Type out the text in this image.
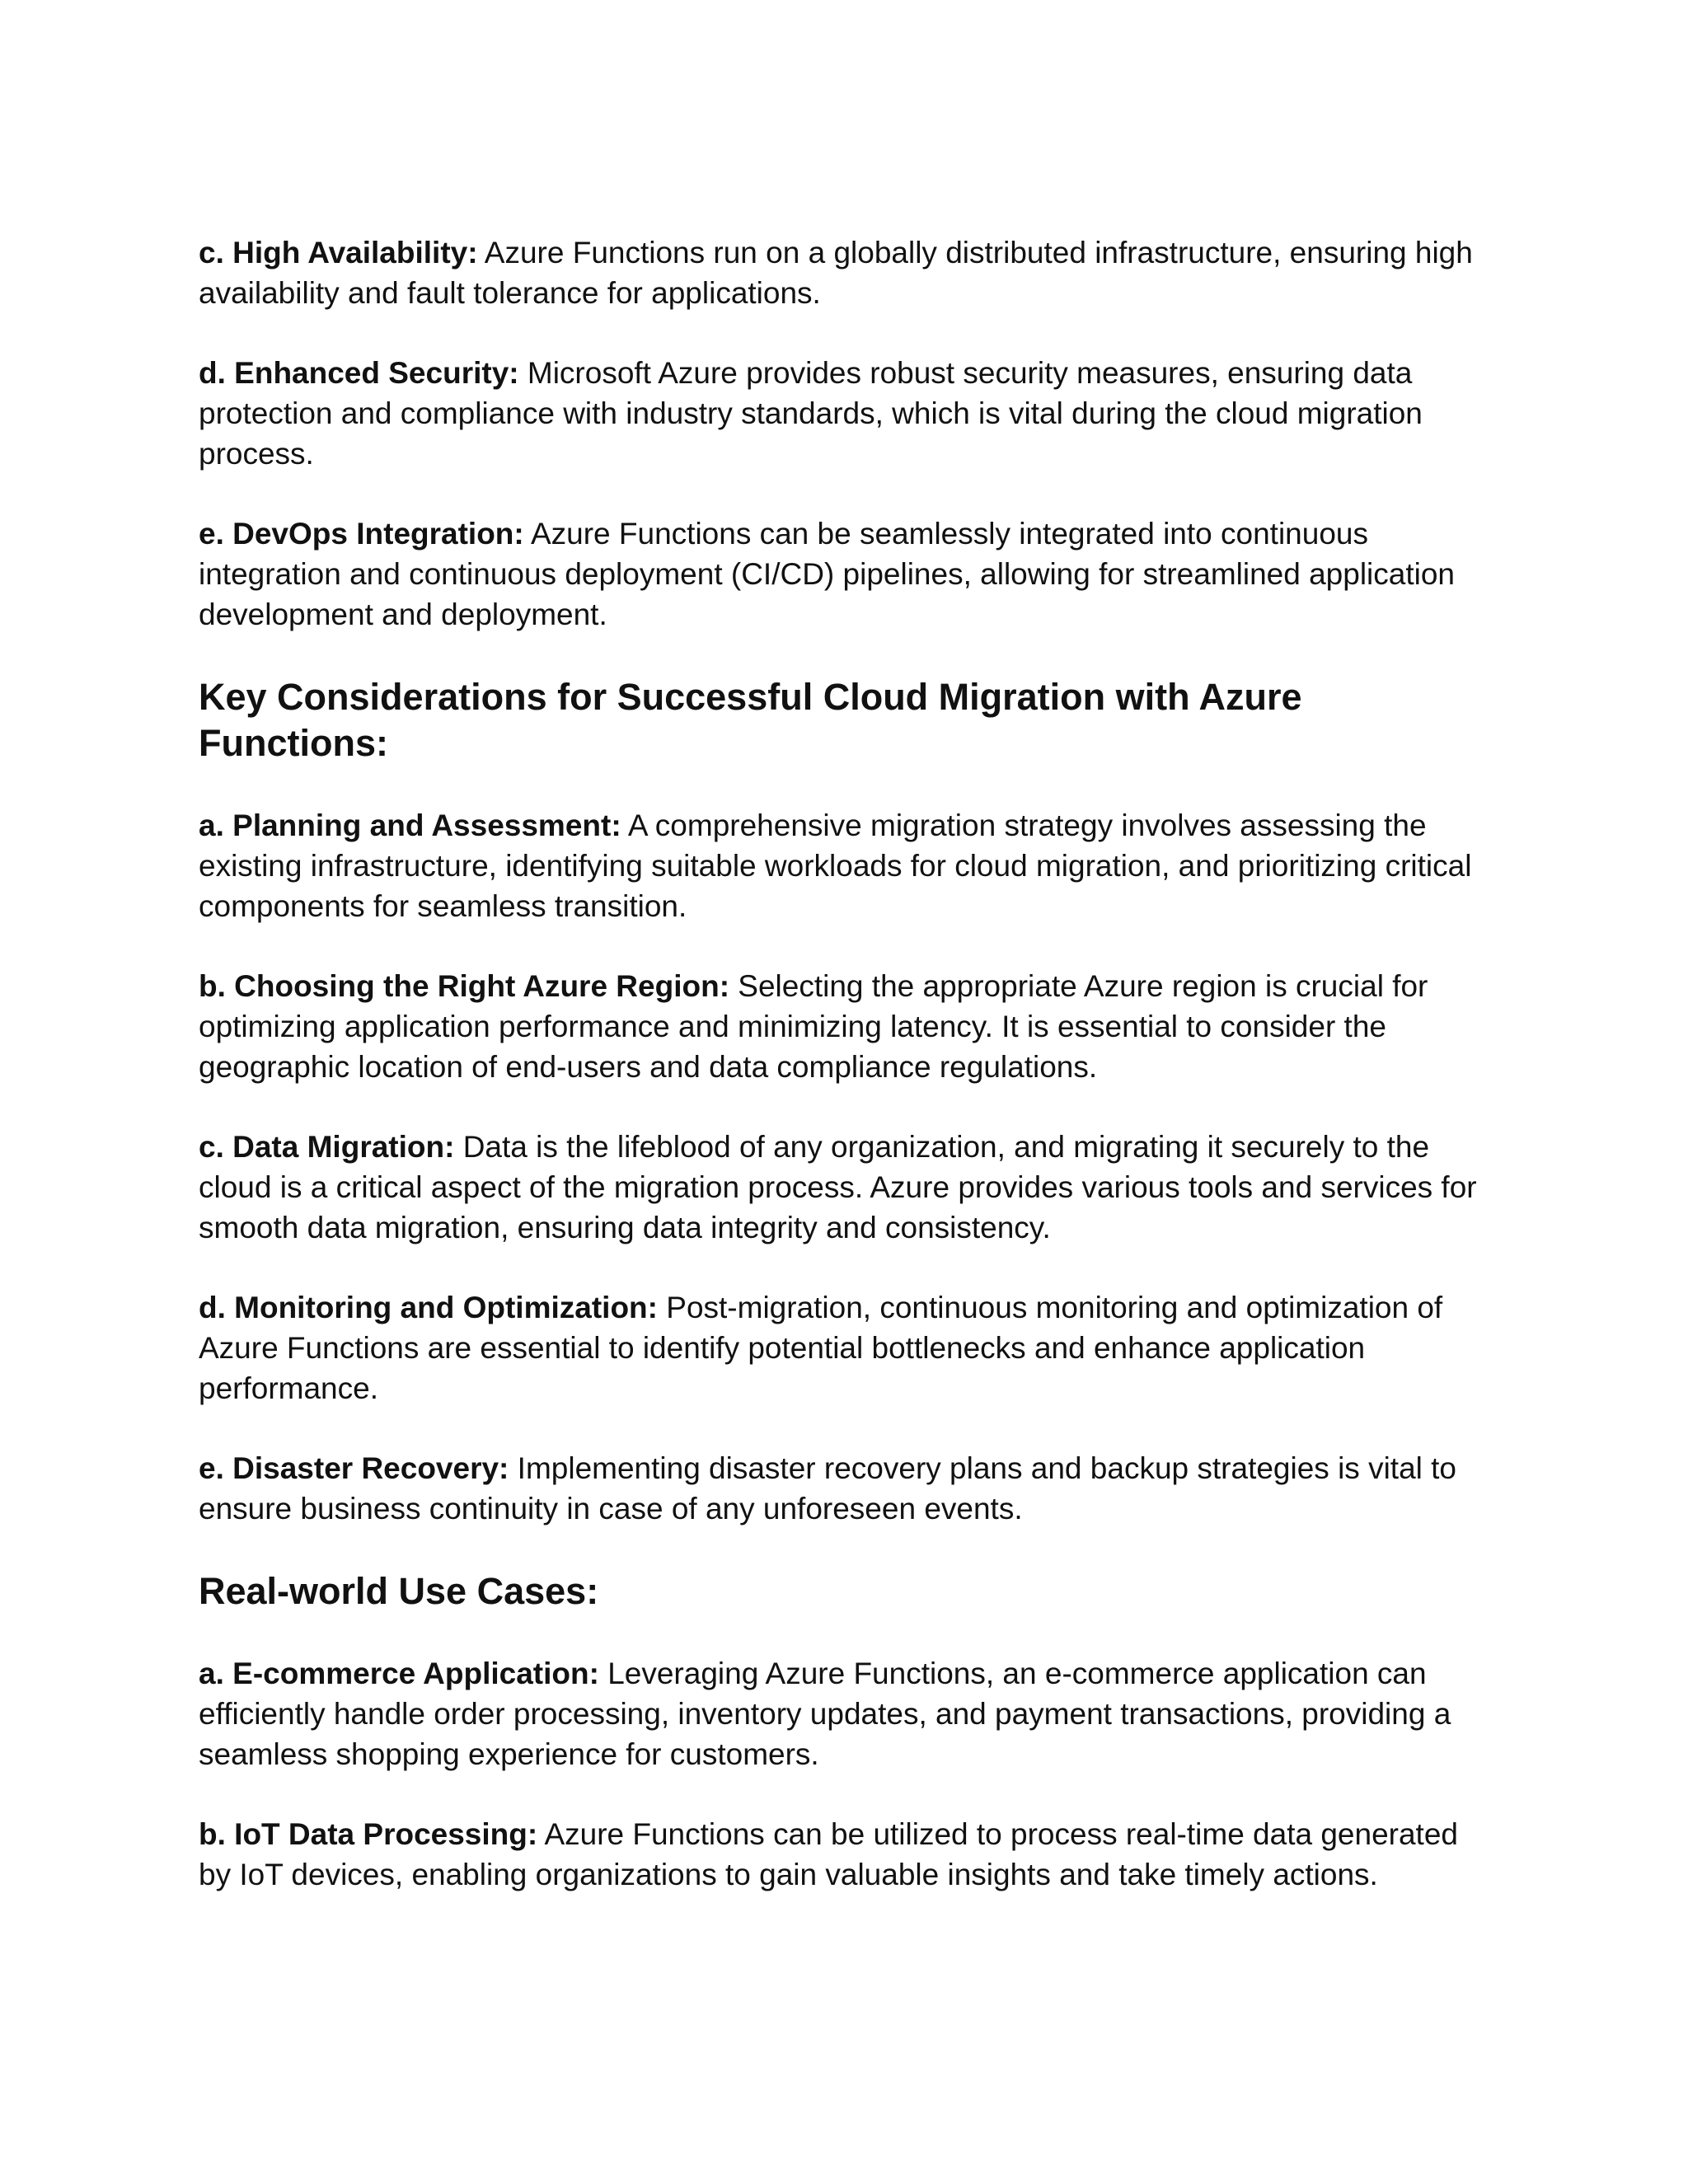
c. High Availability: Azure Functions run on a globally distributed infrastructure, ensuring high availability and fault tolerance for applications.

d. Enhanced Security: Microsoft Azure provides robust security measures, ensuring data protection and compliance with industry standards, which is vital during the cloud migration process.

e. DevOps Integration: Azure Functions can be seamlessly integrated into continuous integration and continuous deployment (CI/CD) pipelines, allowing for streamlined application development and deployment.

Key Considerations for Successful Cloud Migration with Azure Functions:

a. Planning and Assessment: A comprehensive migration strategy involves assessing the existing infrastructure, identifying suitable workloads for cloud migration, and prioritizing critical components for seamless transition.

b. Choosing the Right Azure Region: Selecting the appropriate Azure region is crucial for optimizing application performance and minimizing latency. It is essential to consider the geographic location of end-users and data compliance regulations.

c. Data Migration: Data is the lifeblood of any organization, and migrating it securely to the cloud is a critical aspect of the migration process. Azure provides various tools and services for smooth data migration, ensuring data integrity and consistency.

d. Monitoring and Optimization: Post-migration, continuous monitoring and optimization of Azure Functions are essential to identify potential bottlenecks and enhance application performance.

e. Disaster Recovery: Implementing disaster recovery plans and backup strategies is vital to ensure business continuity in case of any unforeseen events.

Real-world Use Cases:

a. E-commerce Application: Leveraging Azure Functions, an e-commerce application can efficiently handle order processing, inventory updates, and payment transactions, providing a seamless shopping experience for customers.

b. IoT Data Processing: Azure Functions can be utilized to process real-time data generated by IoT devices, enabling organizations to gain valuable insights and take timely actions.
